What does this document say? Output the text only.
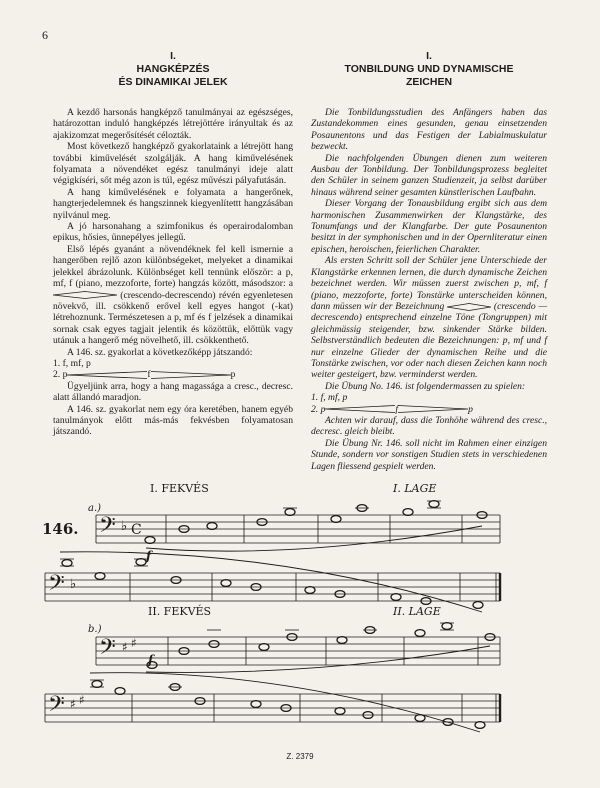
6
I.
HANGKÉPZÉS
ÉS DINAMIKAI JELEK

A kezdő harsonás hangképző tanulmányai az egészséges, határozottan induló hangképzés létrejöttére irányultak és az ajakizomzat megerősítését célozták.

Most következő hangképző gyakorlataink a létrejött hang további kiművelését szolgálják. A hang kiművelésének folyamata a növendéket egész tanulmányi ideje alatt végigkíséri, sőt még azon is túl, egész művészi pályafutásán.

A hang kiművelésének e folyamata a hangerőnek, hangterjedelemnek és hangszinnek kiegyenlítettt hangzásában nyilvánul meg.

A jó harsonahang a szimfonikus és operairodalomban epikus, hősies, ünnepélyes jellegű.

Első lépés gyanánt a növendéknek fel kell ismernie a hangerőben rejlő azon különbségeket, melyeket a dinamikai jelekkel ábrázolunk. Különbséget kell tennünk először: a p, mf, f (piano, mezzoforte, forte) hangzás között, másodszor: a  (crescendo-decrescendo) révén egyenletesen növekvő, ill. csökkenő erővel kell egyes hangot (-kat) létrehoznunk. Természetesen a p, mf és f jelzések a dinamikai sornak csak egyes tagjait jelentik és közöttük, előttük vagy utánuk a hangerő még növelhető, ill. csökkenthető.

A 146. sz. gyakorlat a következőképp játszandó:

1. f, mf, p
2. p	f	p

Ügyeljünk arra, hogy a hang magassága a cresc., decresc. alatt állandó maradjon.

A 146. sz. gyakorlat nem egy óra keretében, hanem egyéb tanulmányok előtt más-más fekvésben folyamatosan játszandó.

I.
TONBILDUNG UND DYNAMISCHE
ZEICHEN

Die Tonbildungsstudien des Anfängers haben das Zustandekommen eines gesunden, genau einsetzenden Posaunentons und das Festigen der Labialmuskulatur bezweckt.

Die nachfolgenden Übungen dienen zum weiteren Ausbau der Tonbildung. Der Tonbildungsprozess begleitet den Schüler in seinem ganzen Studienzeit, ja selbst darüber hinaus während seiner gesamten künstlerischen Laufbahn.

Dieser Vorgang der Tonausbildung ergibt sich aus dem harmonischen Zusammenwirken der Klangstärke, des Tonumfangs und der Klangfarbe. Der gute Posaunenton besitzt in der symphonischen und in der Opernliteratur einen epischen, heroischen, feierlichen Charakter.

Als ersten Schritt soll der Schüler jene Unterschiede der Klangstärke erkennen lernen, die durch dynamische Zeichen bezeichnet werden. Wir müssen zuerst zwischen p, mf, f (piano, mezzoforte, forte) Tonstärke unterscheiden können, dann müssen wir der Bezeichnung	(crescendo — decrescendo) entsprechend einzelne Töne (Tongruppen) mit gleichmässig steigender, bzw. sinkender Stärke bilden. Selbstverständlich bedeuten die Bezeichnungen: p, mf und f nur einzelne Glieder der dynamischen Reihe und die Tonstärke zwischen, vor oder nach diesen Zeichen kann noch weiter gesteigert, bzw. verminderst werden.

Die Übung No. 146. ist folgendermassen zu spielen:

1. f, mf, p
2. p	f	p

Achten wir darauf, dass die Tonhöhe während des cresc., decresc. gleich bleibt.

Die Übung Nr. 146. soll nicht im Rahmen einer einzigen Stunde, sondern vor sonstigen Studien stets in verschiedenen Lagen fliessend gespielt werden.

𝄢 ♭ C
𝄢 ♭
𝄢 ♯ ♯
𝄢 ♯ ♯
I. FEKVÉS	I. LAGE
a.)
146.
f
II. FEKVÉS	II. LAGE
b.)
f
Z. 2379
